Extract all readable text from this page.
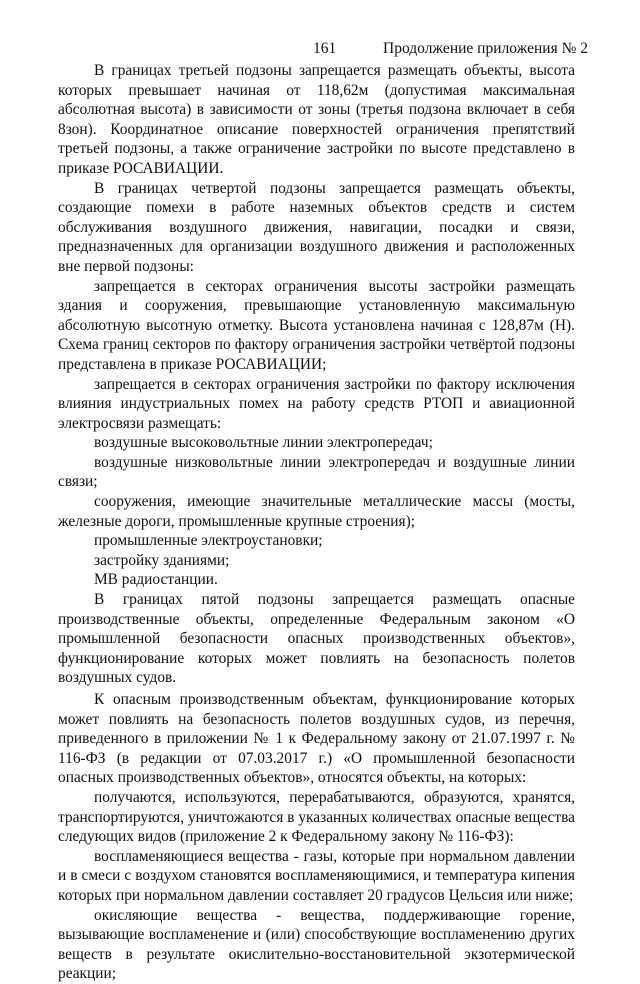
161	Продолжение приложения № 2

В границах третьей подзоны запрещается размещать объекты, высота которых превышает начиная от 118,62м (допустимая максимальная абсолютная высота) в зависимости от зоны (третья подзона включает в себя 8зон). Координатное описание поверхностей ограничения препятствий третьей подзоны, а также ограничение застройки по высоте представлено в приказе РОСАВИАЦИИ.

В границах четвертой подзоны запрещается размещать объекты, создающие помехи в работе наземных объектов средств и систем обслуживания воздушного движения, навигации, посадки и связи, предназначенных для организации воздушного движения и расположенных вне первой подзоны:

запрещается в секторах ограничения высоты застройки размещать здания и сооружения, превышающие установленную максимальную абсолютную высотную отметку. Высота установлена начиная с 128,87м (Н). Схема границ секторов по фактору ограничения застройки четвёртой подзоны представлена в приказе РОСАВИАЦИИ;

запрещается в секторах ограничения застройки по фактору исключения влияния индустриальных помех на работу средств РТОП и авиационной электросвязи размещать:

воздушные высоковольтные линии электропередач;

воздушные низковольтные линии электропередач и воздушные линии связи;

сооружения, имеющие значительные металлические массы (мосты, железные дороги, промышленные крупные строения);

промышленные электроустановки;

застройку зданиями;

МВ радиостанции.

В границах пятой подзоны запрещается размещать опасные производственные объекты, определенные Федеральным законом «О промышленной безопасности опасных производственных объектов», функционирование которых может повлиять на безопасность полетов воздушных судов.

К опасным производственным объектам, функционирование которых может повлиять на безопасность полетов воздушных судов, из перечня, приведенного в приложении № 1 к Федеральному закону от 21.07.1997 г. № 116-ФЗ (в редакции от 07.03.2017 г.) «О промышленной безопасности опасных производственных объектов», относятся объекты, на которых:

получаются, используются, перерабатываются, образуются, хранятся, транспортируются, уничтожаются в указанных количествах опасные вещества следующих видов (приложение 2 к Федеральному закону № 116-ФЗ):

воспламеняющиеся вещества - газы, которые при нормальном давлении и в смеси с воздухом становятся воспламеняющимися, и температура кипения которых при нормальном давлении составляет 20 градусов Цельсия или ниже;

окисляющие вещества - вещества, поддерживающие горение, вызывающие воспламенение и (или) способствующие воспламенению других веществ в результате окислительно-восстановительной экзотермической реакции;
